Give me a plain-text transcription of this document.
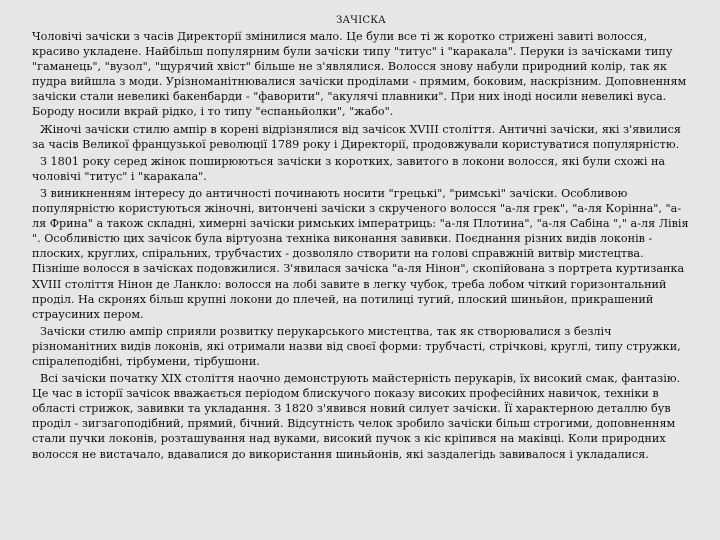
ЗАЧІСКА

Чоловічі зачіски з часів Директорії змінилися мало. Це були все ті ж коротко стрижені завиті волосся, красиво укладене. Найбільш популярним були зачіски типу "титус" і "каракала". Перуки із зачісками типу "гаманець", "вузол", "щурячий хвіст" більше не з'являлися. Волосся знову набули природний колір, так як пудра вийшла з моди. Урізноманітнювалися зачіски проділами - прямим, боковим, наскрізним. Доповненням зачіски стали невеликі бакенбарди - "фаворити", "акулячі плавники". При них іноді носили невеликі вуса. Бороду носили вкрай рідко, і то типу "еспаньйолки", "жабо".

Жіночі зачіски стилю ампір в корені відрізнялися від зачісок XVIII століття. Античні зачіски, які з'явилися за часів Великої французької революції 1789 року і Директорії, продовжували користуватися популярністю.

З 1801 року серед жінок поширюються зачіски з коротких, завитого в локони волосся, які були схожі на чоловічі "титус" і "каракала".

З виникненням інтересу до античності починають носити "грецькі", "римські" зачіски. Особливою популярністю користуються жіночні, витончені зачіски з скрученого волосся "а-ля грек", "а-ля Корінна", "а-ля Фрина" а також складні, химерні зачіски римських імператриць: "а-ля Плотина", "а-ля Сабіна "," а-ля Лівія ". Особливістю цих зачісок була віртуозна техніка виконання завивки. Поєднання різних видів локонів - плоских, круглих, спіральних, трубчастих - дозволяло створити на голові справжній витвір мистецтва. Пізніше волосся в зачісках подовжилися. З'явилася зачіска "а-ля Нінон", скопійована з портрета куртизанка XVIII століття Нінон де Ланкло: волосся на лобі завите в легку чубок, треба лобом чіткий горизонтальний проділ. На скронях більш крупні локони до плечей, на потилиці тугий, плоский шиньйон, прикрашений страусиних пером.

Зачіски стилю ампір сприяли розвитку перукарського мистецтва, так як створювалися з безліч різноманітних видів локонів, які отримали назви від своєї форми: трубчасті, стрічкові, круглі, типу стружки, спіралеподібні, тірбумени, тірбушони.

Всі зачіски початку XIX століття наочно демонструють майстерність перукарів, їх високий смак, фантазію. Це час в історії зачісок вважається періодом блискучого показу високих професійних навичок, техніки в області стрижок, завивки та укладання. З 1820 з'явився новий силует зачіски. Її характерною деталлю був проділ - зигзагоподібний, прямий, бічний. Відсутність челок зробило зачіски більш строгими, доповненням стали пучки локонів, розташування над вуками, високий пучок з кіс кріпився на маківці. Коли природних волосся не вистачало, вдавалися до використання шиньйонів, які заздалегідь завивалося і укладалися.
